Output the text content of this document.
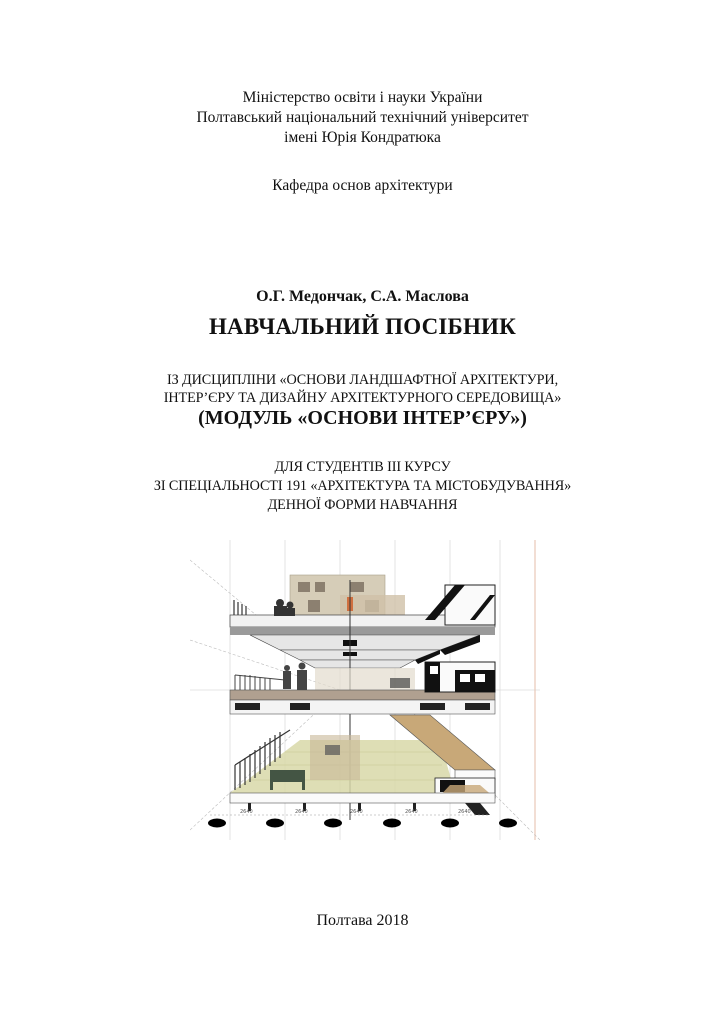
Міністерство освіти і науки України
Полтавський національний технічний університет
імені Юрія Кондратюка
Кафедра основ архітектури
О.Г. Медончак, С.А. Маслова
НАВЧАЛЬНИЙ ПОСІБНИК
ІЗ ДИСЦИПЛІНИ «ОСНОВИ ЛАНДШАФТНОЇ АРХІТЕКТУРИ,
ІНТЕР’ЄРУ ТА ДИЗАЙНУ АРХІТЕКТУРНОГО СЕРЕДОВИЩА»
(МОДУЛЬ «ОСНОВИ ІНТЕР’ЄРУ»)
ДЛЯ СТУДЕНТІВ ІІІ КУРСУ
ЗІ СПЕЦІАЛЬНОСТІ 191 «АРХІТЕКТУРА ТА МІСТОБУДУВАННЯ»
ДЕННОЇ ФОРМИ НАВЧАННЯ
2640	2640	2640	2640	2640
Полтава 2018
